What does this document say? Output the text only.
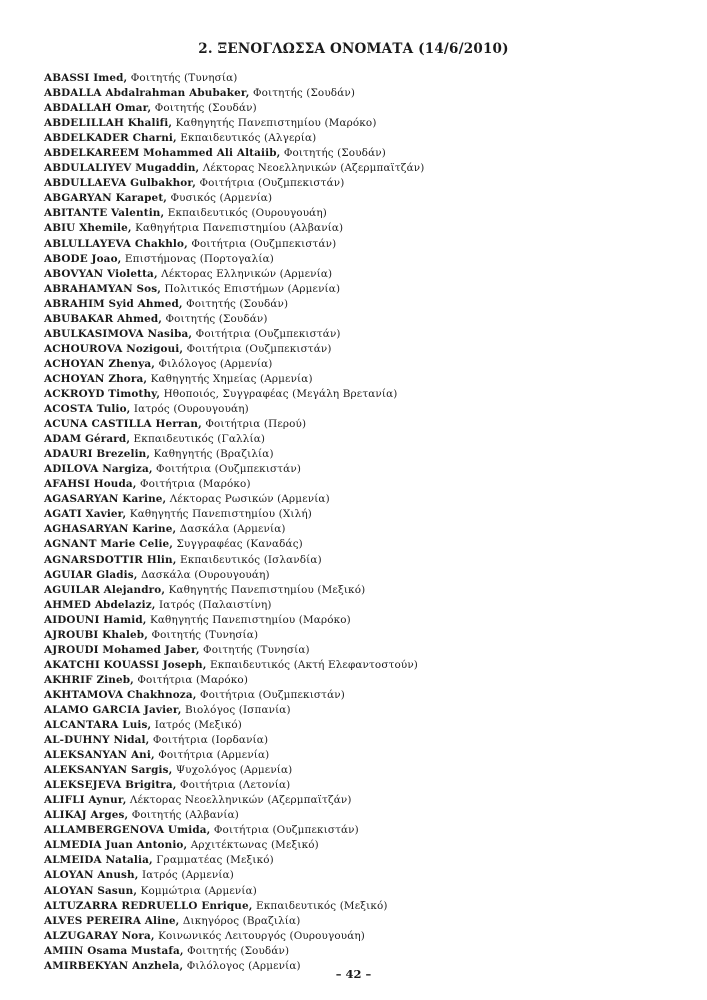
2. ΞΕΝΟΓΛΩΣΣΑ ΟΝΟΜΑΤΑ (14/6/2010)
ABASSI Imed, Φοιτητής (Τυνησία)
ABDALLA Abdalrahman Abubaker, Φοιτητής (Σουδάν)
ABDALLAH Omar, Φοιτητής (Σουδάν)
ABDELILLAH Khalifi, Καθηγητής Πανεπιστημίου (Μαρόκο)
ABDELKADER Charni, Εκπαιδευτικός (Αλγερία)
ABDELKAREEM Mohammed Ali Altaiib, Φοιτητής (Σουδάν)
ABDULALIYEV Mugaddin, Λέκτορας Νεοελληνικών (Αζερμπαϊτζάν)
ABDULLAEVA Gulbakhor, Φοιτήτρια (Ουζμπεκιστάν)
ABGARYAN Karapet, Φυσικός (Αρμενία)
ABITANTE Valentin, Εκπαιδευτικός (Ουρουγουάη)
ABIU Xhemile, Καθηγήτρια Πανεπιστημίου (Αλβανία)
ABLULLAYEVA Chakhlo, Φοιτήτρια (Ουζμπεκιστάν)
ABODE Joao, Επιστήμονας (Πορτογαλία)
ABOVYAN Violetta, Λέκτορας Ελληνικών (Αρμενία)
ABRAHAMYAN Sos, Πολιτικός Επιστήμων (Αρμενία)
ABRAHIM Syid Ahmed, Φοιτητής (Σουδάν)
ABUBAKAR Ahmed, Φοιτητής (Σουδάν)
ABULKASIMOVA Nasiba, Φοιτήτρια (Ουζμπεκιστάν)
ACHOUROVA Nozigoui, Φοιτήτρια (Ουζμπεκιστάν)
ACHOYAN Zhenya, Φιλόλογος (Αρμενία)
ACHOYAN Zhora, Καθηγητής Χημείας (Αρμενία)
ACKROYD Timothy, Ηθοποιός, Συγγραφέας (Μεγάλη Βρετανία)
ACOSTA Tulio, Ιατρός (Ουρουγουάη)
ACUNA CASTILLA Herran, Φοιτήτρια (Περού)
ADAM Gérard, Εκπαιδευτικός (Γαλλία)
ADAURI Brezelin, Καθηγητής (Βραζιλία)
ADILOVA Nargiza, Φοιτήτρια (Ουζμπεκιστάν)
AFAHSI Houda, Φοιτήτρια (Μαρόκο)
AGASARYAN Karine, Λέκτορας Ρωσικών (Αρμενία)
AGATI Xavier, Καθηγητής Πανεπιστημίου (Χιλή)
AGHASARYAN Karine, Δασκάλα (Αρμενία)
AGNANT Marie Celie, Συγγραφέας (Καναδάς)
AGNARSDOTTIR Hlin, Εκπαιδευτικός (Ισλανδία)
AGUIAR Gladis, Δασκάλα (Ουρουγουάη)
AGUILAR Alejandro, Καθηγητής Πανεπιστημίου (Μεξικό)
AHMED Abdelaziz, Ιατρός (Παλαιστίνη)
AIDOUNI Hamid, Καθηγητής Πανεπιστημίου (Μαρόκο)
AJROUBI Khaleb, Φοιτητής (Τυνησία)
AJROUDI Mohamed Jaber, Φοιτητής (Τυνησία)
AKATCHI KOUASSI Joseph, Εκπαιδευτικός (Ακτή Ελεφαντοστούν)
AKHRIF Zineb, Φοιτήτρια (Μαρόκο)
AKHTAMOVA Chakhnoza, Φοιτήτρια (Ουζμπεκιστάν)
ALAMO GARCIA Javier, Βιολόγος (Ισπανία)
ALCANTARA Luis, Ιατρός (Μεξικό)
AL-DUHNY Nidal, Φοιτήτρια (Ιορδανία)
ALEKSANYAN Ani, Φοιτήτρια (Αρμενία)
ALEKSANYAN Sargis, Ψυχολόγος (Αρμενία)
ALEKSEJEVA Brigitra, Φοιτήτρια (Λετονία)
ALIFLI Aynur, Λέκτορας Νεοελληνικών (Αζερμπαϊτζάν)
ALIKAJ Arges, Φοιτητής (Αλβανία)
ALLAMBERGENOVA Umida, Φοιτήτρια (Ουζμπεκιστάν)
ALMEDIA Juan Antonio, Αρχιτέκτωνας (Μεξικό)
ALMEIDA Natalia, Γραμματέας (Μεξικό)
ALOYAN Anush, Ιατρός (Αρμενία)
ALOYAN Sasun, Κομμώτρια (Αρμενία)
ALTUZARRA REDRUELLO Enrique, Εκπαιδευτικός (Μεξικό)
ALVES PEREIRA Aline, Δικηγόρος (Βραζιλία)
ALZUGARAY Nora, Κοινωνικός Λειτουργός (Ουρουγουάη)
AMIIN Osama Mustafa, Φοιτητής (Σουδάν)
AMIRBEKYAN Anzhela, Φιλόλογος (Αρμενία)

– 42 –
